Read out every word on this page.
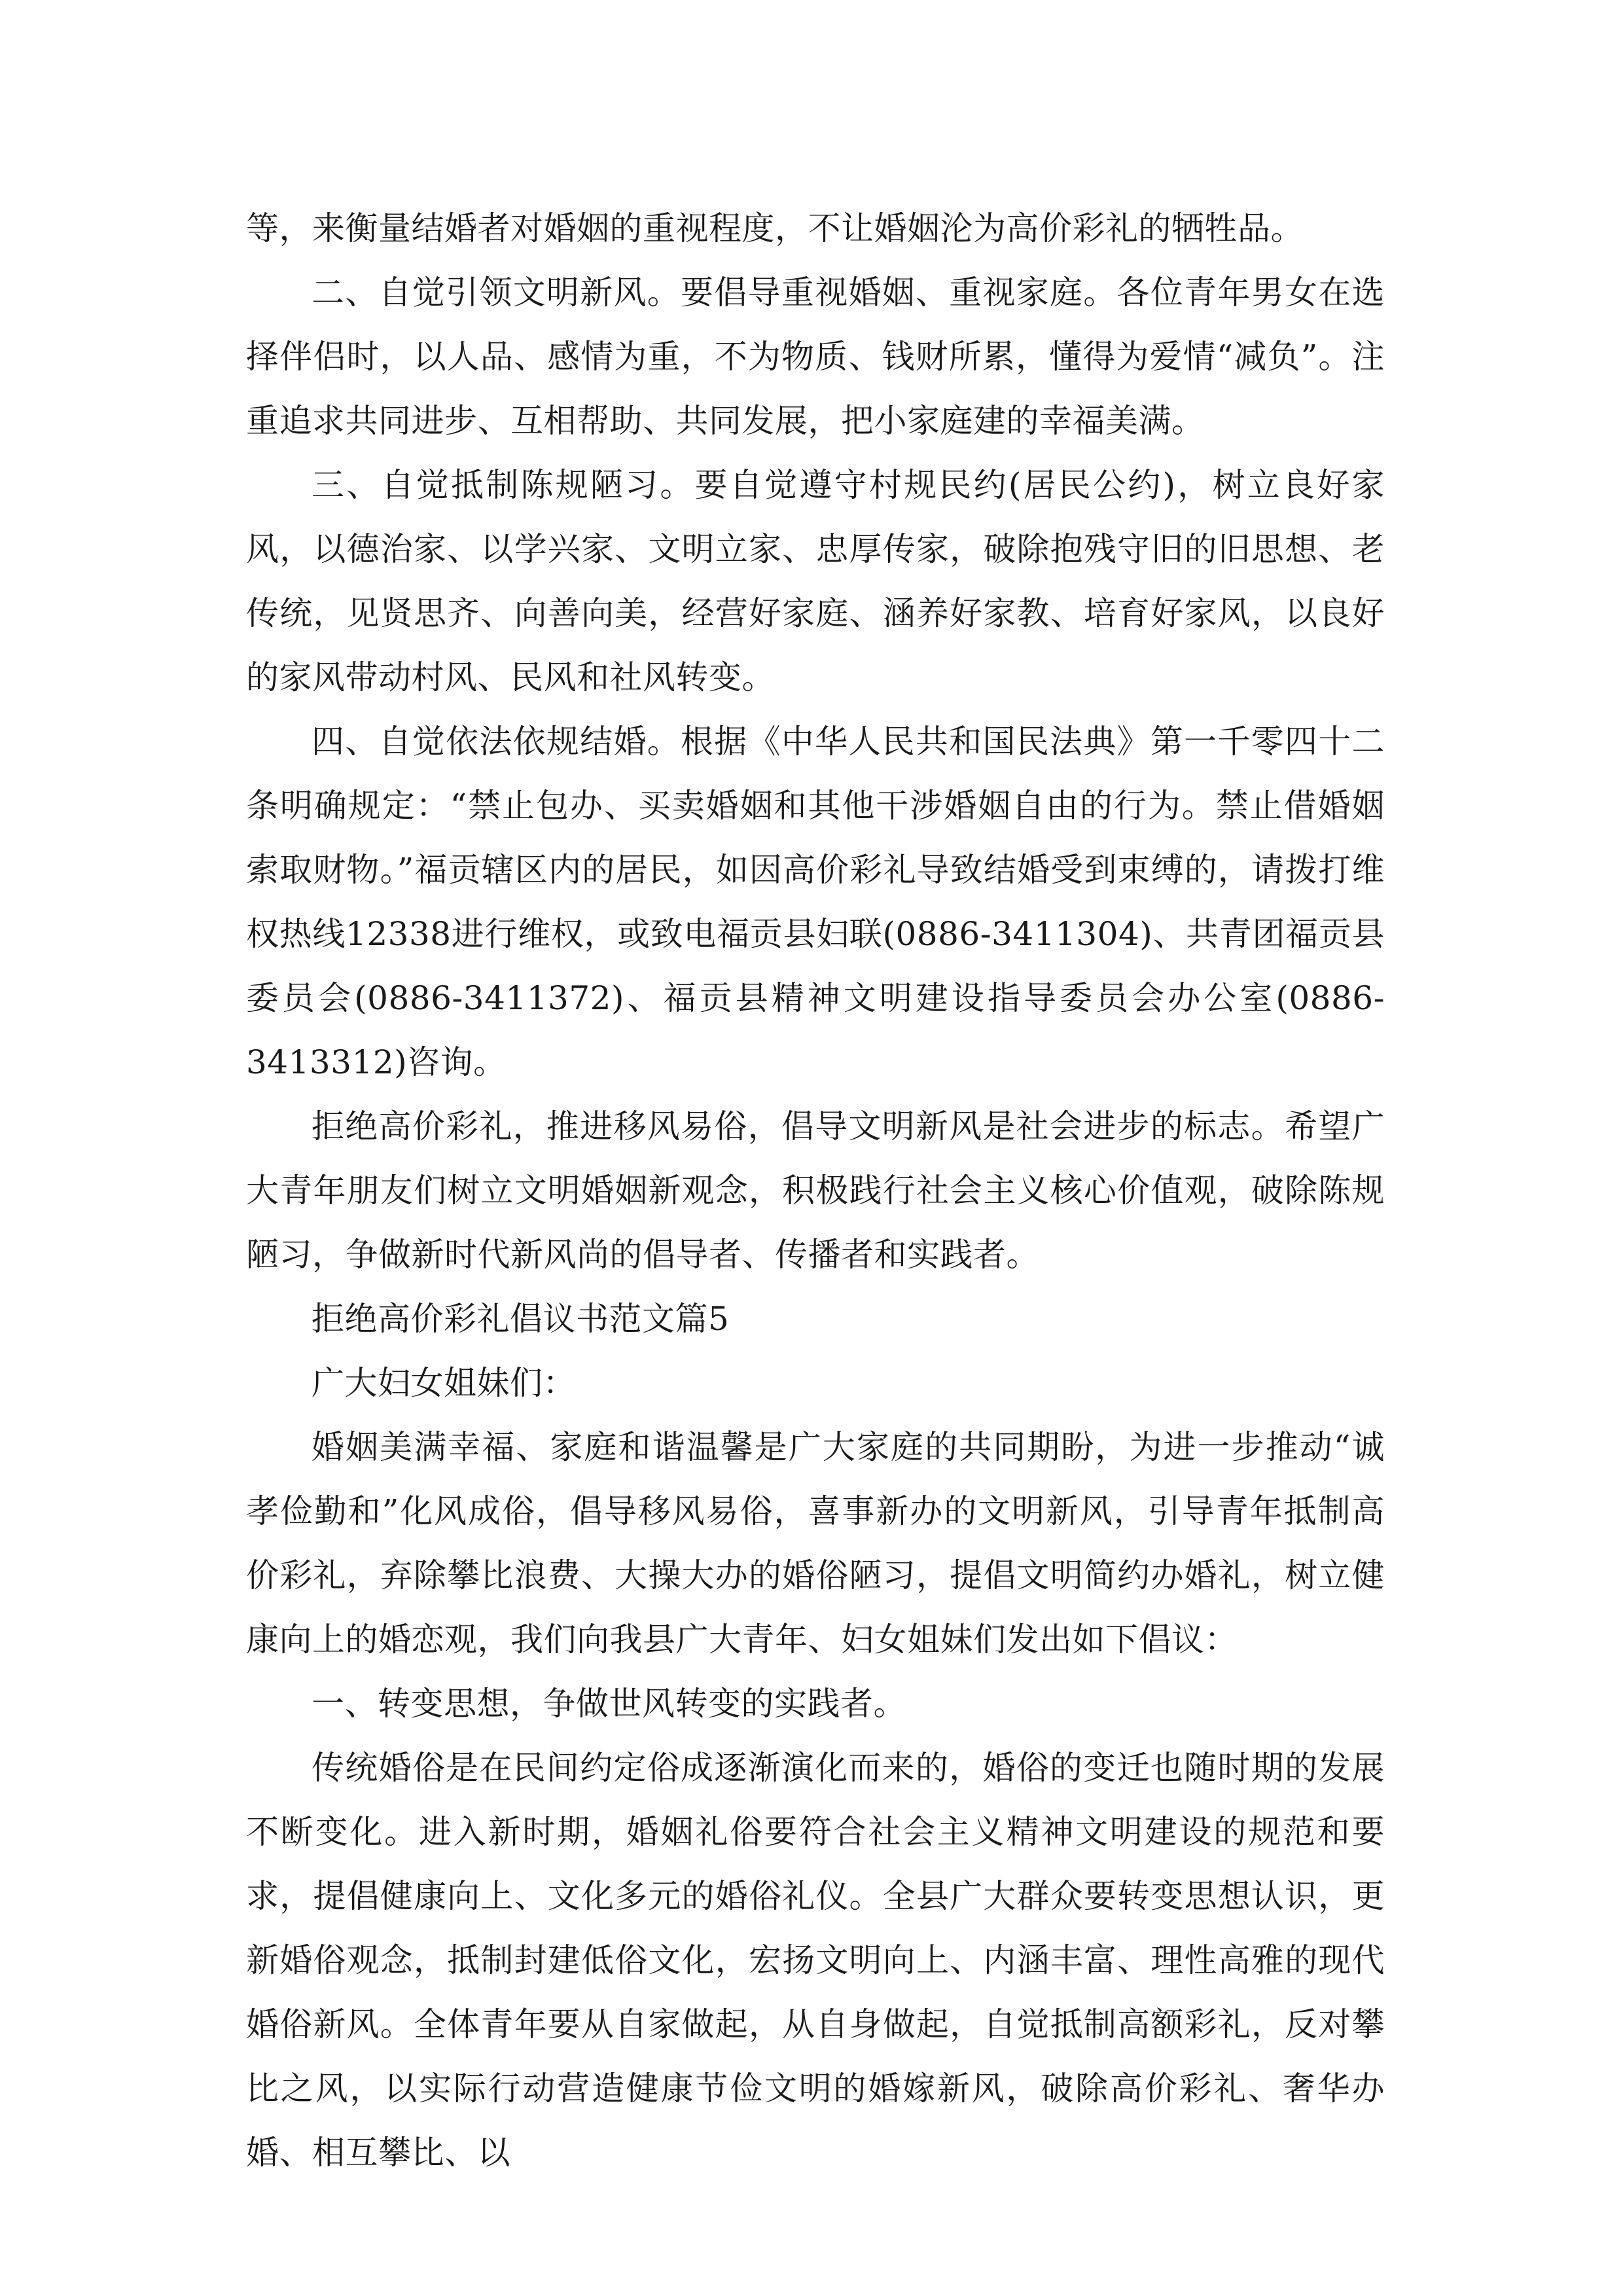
等，来衡量结婚者对婚姻的重视程度，不让婚姻沦为高价彩礼的牺牲品。

二、自觉引领文明新风。要倡导重视婚姻、重视家庭。各位青年男女在选择伴侣时，以人品、感情为重，不为物质、钱财所累，懂得为爱情“减负”。注重追求共同进步、互相帮助、共同发展，把小家庭建的幸福美满。

三、自觉抵制陈规陋习。要自觉遵守村规民约(居民公约)，树立良好家风，以德治家、以学兴家、文明立家、忠厚传家，破除抱残守旧的旧思想、老传统，见贤思齐、向善向美，经营好家庭、涵养好家教、培育好家风，以良好的家风带动村风、民风和社风转变。

四、自觉依法依规结婚。根据《中华人民共和国民法典》第一千零四十二条明确规定：“禁止包办、买卖婚姻和其他干涉婚姻自由的行为。禁止借婚姻索取财物。”福贡辖区内的居民，如因高价彩礼导致结婚受到束缚的，请拨打维权热线12338进行维权，或致电福贡县妇联(0886-3411304)、共青团福贡县委员会(0886-3411372)、福贡县精神文明建设指导委员会办公室(0886-3413312)咨询。

拒绝高价彩礼，推进移风易俗，倡导文明新风是社会进步的标志。希望广大青年朋友们树立文明婚姻新观念，积极践行社会主义核心价值观，破除陈规陋习，争做新时代新风尚的倡导者、传播者和实践者。

拒绝高价彩礼倡议书范文篇5

广大妇女姐妹们：

婚姻美满幸福、家庭和谐温馨是广大家庭的共同期盼，为进一步推动“诚孝俭勤和”化风成俗，倡导移风易俗，喜事新办的文明新风，引导青年抵制高价彩礼，弃除攀比浪费、大操大办的婚俗陋习，提倡文明简约办婚礼，树立健康向上的婚恋观，我们向我县广大青年、妇女姐妹们发出如下倡议：

一、转变思想，争做世风转变的实践者。

传统婚俗是在民间约定俗成逐渐演化而来的，婚俗的变迁也随时期的发展不断变化。进入新时期，婚姻礼俗要符合社会主义精神文明建设的规范和要求，提倡健康向上、文化多元的婚俗礼仪。全县广大群众要转变思想认识，更新婚俗观念，抵制封建低俗文化，宏扬文明向上、内涵丰富、理性高雅的现代婚俗新风。全体青年要从自家做起，从自身做起，自觉抵制高额彩礼，反对攀比之风，以实际行动营造健康节俭文明的婚嫁新风，破除高价彩礼、奢华办婚、相互攀比、以
